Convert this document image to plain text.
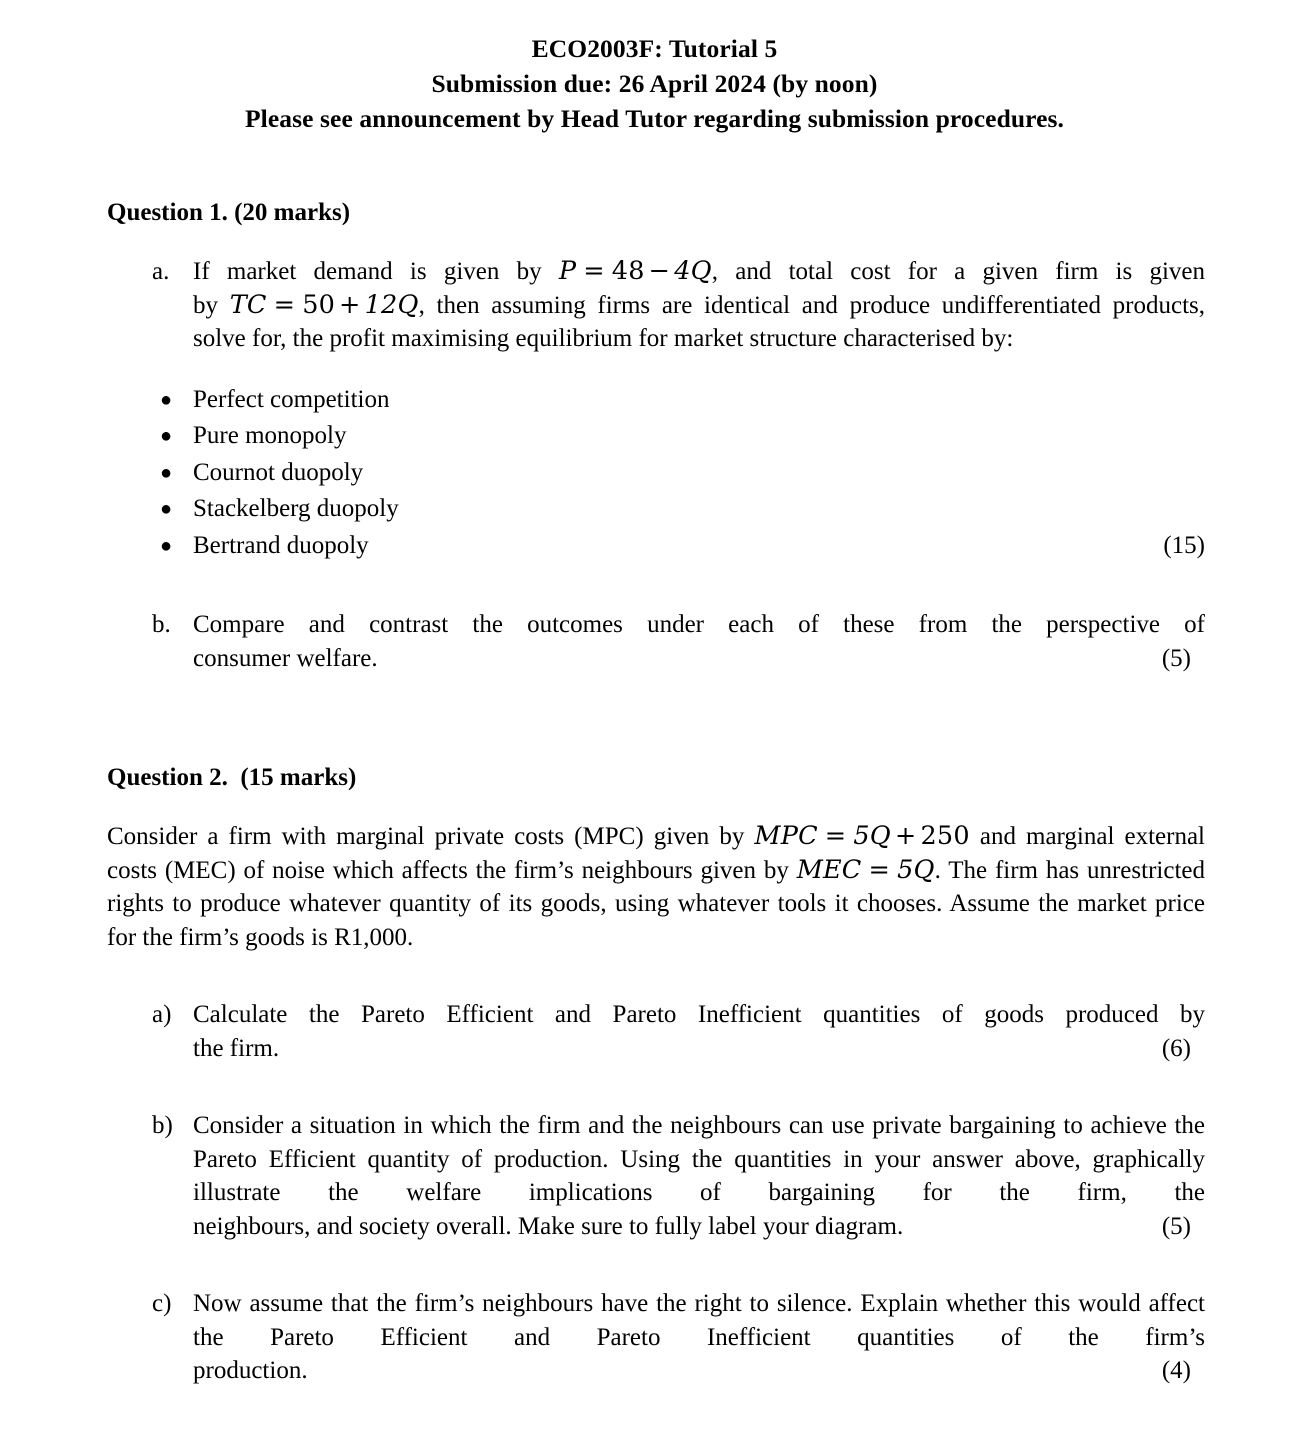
ECO2003F: Tutorial 5
Submission due: 26 April 2024 (by noon)
Please see announcement by Head Tutor regarding submission procedures.
Question 1. (20 marks)
a. If market demand is given by P = 48 − 4Q, and total cost for a given firm is given by TC = 50 + 12Q, then assuming firms are identical and produce undifferentiated products, solve for, the profit maximising equilibrium for market structure characterised by:
● Perfect competition
● Pure monopoly
● Cournot duopoly
● Stackelberg duopoly
● Bertrand duopoly	(15)
b. Compare and contrast the outcomes under each of these from the perspective of
consumer welfare.	(5)
Question 2. (15 marks)
Consider a firm with marginal private costs (MPC) given by MPC = 5Q + 250 and marginal external costs (MEC) of noise which affects the firm’s neighbours given by MEC = 5Q. The firm has unrestricted rights to produce whatever quantity of its goods, using whatever tools it chooses. Assume the market price for the firm’s goods is R1,000.
a) Calculate the Pareto Efficient and Pareto Inefficient quantities of goods produced by
the firm.	(6)
b) Consider a situation in which the firm and the neighbours can use private bargaining to achieve the Pareto Efficient quantity of production. Using the quantities in your answer above, graphically illustrate the welfare implications of bargaining for the firm, the
neighbours, and society overall. Make sure to fully label your diagram.	(5)
c) Now assume that the firm’s neighbours have the right to silence. Explain whether this would affect the Pareto Efficient and Pareto Inefficient quantities of the firm’s
production.	(4)
